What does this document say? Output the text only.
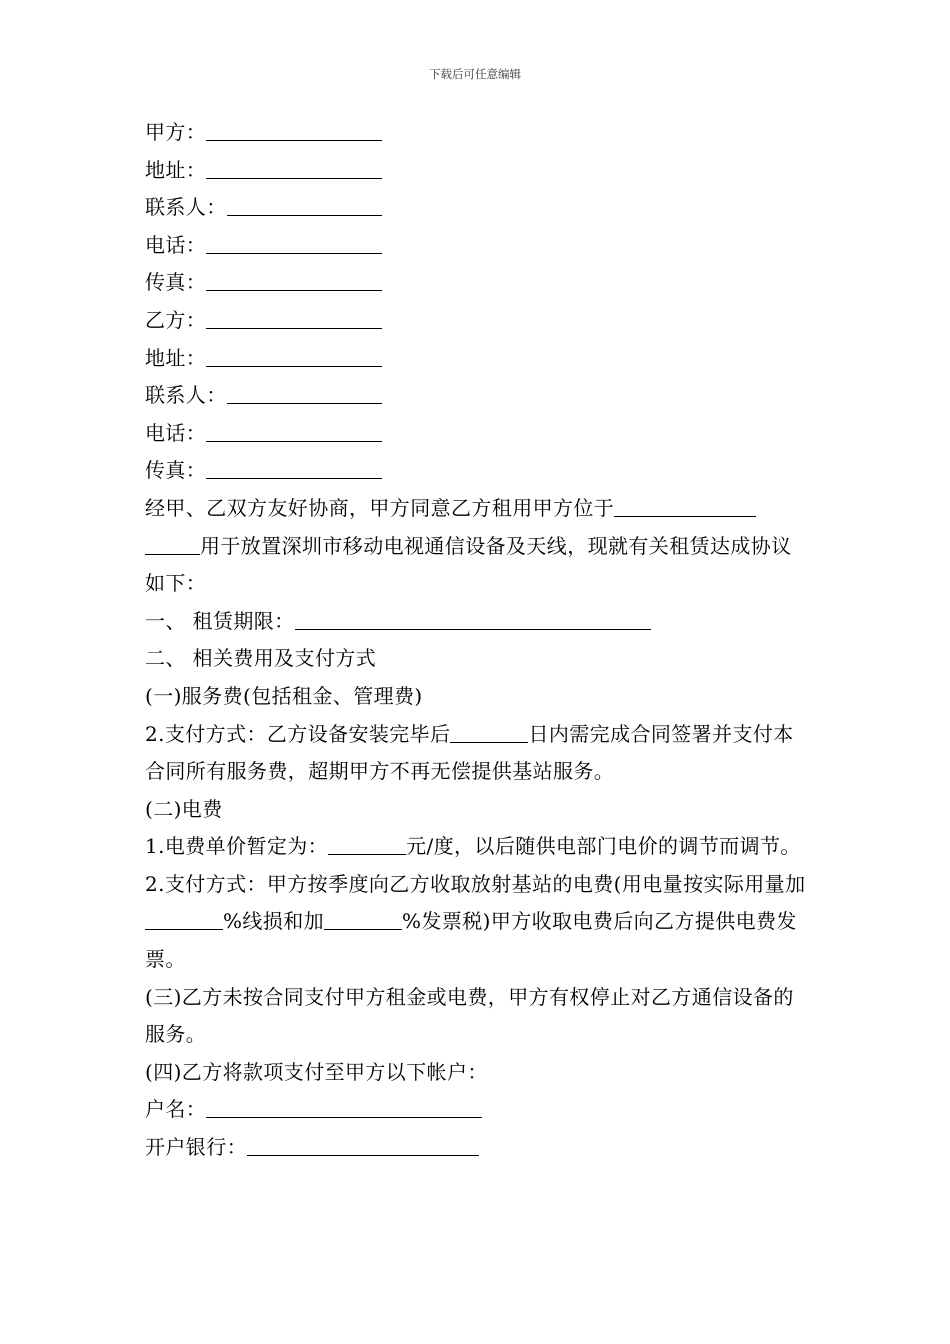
下载后可任意编辑
甲方：
地址：
联系人：
电话：
传真：
乙方：
地址：
联系人：
电话：
传真：
经甲、乙双方友好协商，甲方同意乙方租用甲方位于用于放置深圳市移动电视通信设备及天线，现就有关租赁达成协议如下：
一、 租赁期限：
二、 相关费用及支付方式
(一)服务费(包括租金、管理费)
2.支付方式：乙方设备安装完毕后	日内需完成合同签署并支付本合同所有服务费，超期甲方不再无偿提供基站服务。
(二)电费
1.电费单价暂定为：	元/度，以后随供电部门电价的调节而调节。
2.支付方式：甲方按季度向乙方收取放射基站的电费(用电量按实际用量加%线损和加	%发票税)甲方收取电费后向乙方提供电费发票。
(三)乙方未按合同支付甲方租金或电费，甲方有权停止对乙方通信设备的服务。
(四)乙方将款项支付至甲方以下帐户：
户名：
开户银行：
